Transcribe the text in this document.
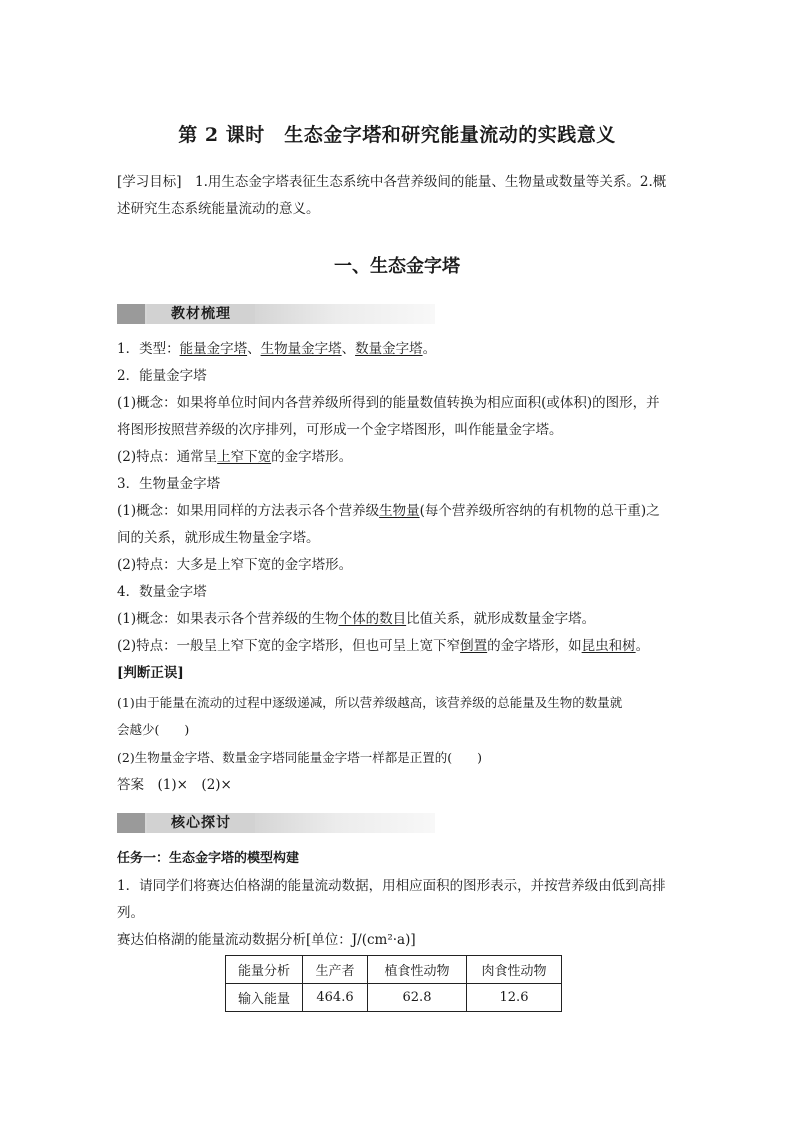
第 2 课时　生态金字塔和研究能量流动的实践意义
[学习目标]　1.用生态金字塔表征生态系统中各营养级间的能量、生物量或数量等关系。2.概
述研究生态系统能量流动的意义。
一、生态金字塔
教材梳理
1．类型：能量金字塔、生物量金字塔、数量金字塔。
2．能量金字塔
(1)概念：如果将单位时间内各营养级所得到的能量数值转换为相应面积(或体积)的图形，并
将图形按照营养级的次序排列，可形成一个金字塔图形，叫作能量金字塔。
(2)特点：通常呈上窄下宽的金字塔形。
3．生物量金字塔
(1)概念：如果用同样的方法表示各个营养级生物量(每个营养级所容纳的有机物的总干重)之
间的关系，就形成生物量金字塔。
(2)特点：大多是上窄下宽的金字塔形。
4．数量金字塔
(1)概念：如果表示各个营养级的生物个体的数目比值关系，就形成数量金字塔。
(2)特点：一般呈上窄下宽的金字塔形，但也可呈上宽下窄倒置的金字塔形，如昆虫和树。
[判断正误]
(1)由于能量在流动的过程中逐级递减，所以营养级越高，该营养级的总能量及生物的数量就
会越少(　　)
(2)生物量金字塔、数量金字塔同能量金字塔一样都是正置的(　　)
答案　(1)×　(2)×
核心探讨
任务一：生态金字塔的模型构建
1．请同学们将赛达伯格湖的能量流动数据，用相应面积的图形表示，并按营养级由低到高排
列。
赛达伯格湖的能量流动数据分析[单位：J/(cm²·a)]
能量分析	生产者	植食性动物	肉食性动物
输入能量	464.6	62.8	12.6
